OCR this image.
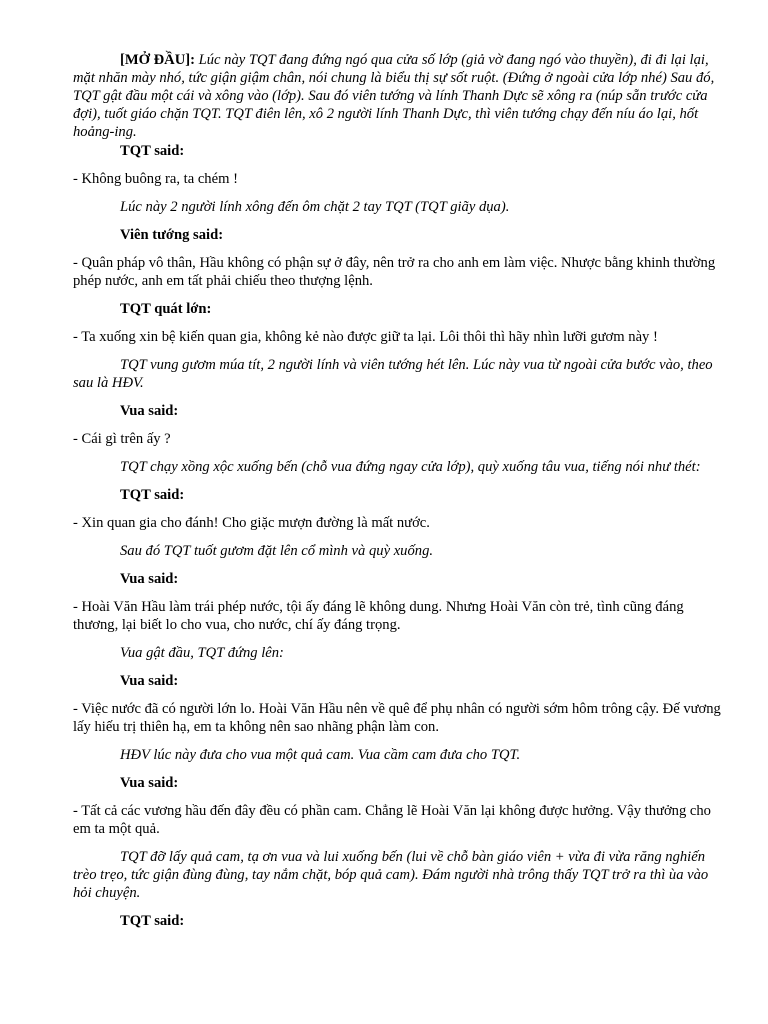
[MỞ ĐẦU]: Lúc này TQT đang đứng ngó qua cửa số lớp (giả vờ đang ngó vào thuyền), đi đi lại lại, mặt nhăn mày nhó, tức giận giậm chân, nói chung là biểu thị sự sốt ruột. (Đứng ở ngoài cửa lớp nhé) Sau đó, TQT gật đầu một cái và xông vào (lớp). Sau đó viên tướng và lính Thanh Dực sẽ xông ra (núp sẵn trước cửa đợi), tuốt giáo chặn TQT. TQT điên lên, xô 2 người lính Thanh Dực, thì viên tướng chạy đến níu áo lại, hốt hoảng-ing.

TQT said:

- Không buông ra, ta chém !

Lúc này 2 người lính xông đến ôm chặt 2 tay TQT (TQT giãy dụa).

Viên tướng said:

- Quân pháp vô thân, Hầu không có phận sự ở đây, nên trở ra cho anh em làm việc. Nhược bằng khinh thường phép nước, anh em tất phải chiếu theo thượng lệnh.

TQT quát lớn:

- Ta xuống xin bệ kiến quan gia, không kẻ nào được giữ ta lại. Lôi thôi thì hãy nhìn lưỡi gươm này !

TQT vung gươm múa tít, 2 người lính và viên tướng hét lên. Lúc này vua từ ngoài cửa bước vào, theo sau là HĐV.

Vua said:

- Cái gì trên ấy ?

TQT chạy xồng xộc xuống bến (chỗ vua đứng ngay cửa lớp), quỳ xuống tâu vua, tiếng nói như thét:

TQT said:

- Xin quan gia cho đánh! Cho giặc mượn đường là mất nước.

Sau đó TQT tuốt gươm đặt lên cổ mình và quỳ xuống.

Vua said:

- Hoài Văn Hầu làm trái phép nước, tội ấy đáng lẽ không dung. Nhưng Hoài Văn còn trẻ, tình cũng đáng thương, lại biết lo cho vua, cho nước, chí ấy đáng trọng.

Vua gật đầu, TQT đứng lên:

Vua said:

- Việc nước đã có người lớn lo. Hoài Văn Hầu nên về quê để phụ nhân có người sớm hôm trông cậy. Đế vương lấy hiếu trị thiên hạ, em ta không nên sao nhãng phận làm con.

HĐV lúc này đưa cho vua một quả cam. Vua cầm cam đưa cho TQT.

Vua said:

- Tất cả các vương hầu đến đây đều có phần cam. Chẳng lẽ Hoài Văn lại không được hưởng. Vậy thưởng cho em ta một quả.

TQT đỡ lấy quả cam, tạ ơn vua và lui xuống bến (lui về chỗ bàn giáo viên + vừa đi vừa răng nghiến trèo trẹo, tức giận đùng đùng, tay nắm chặt, bóp quả cam). Đám người nhà trông thấy TQT trở ra thì ùa vào hỏi chuyện.

TQT said:
